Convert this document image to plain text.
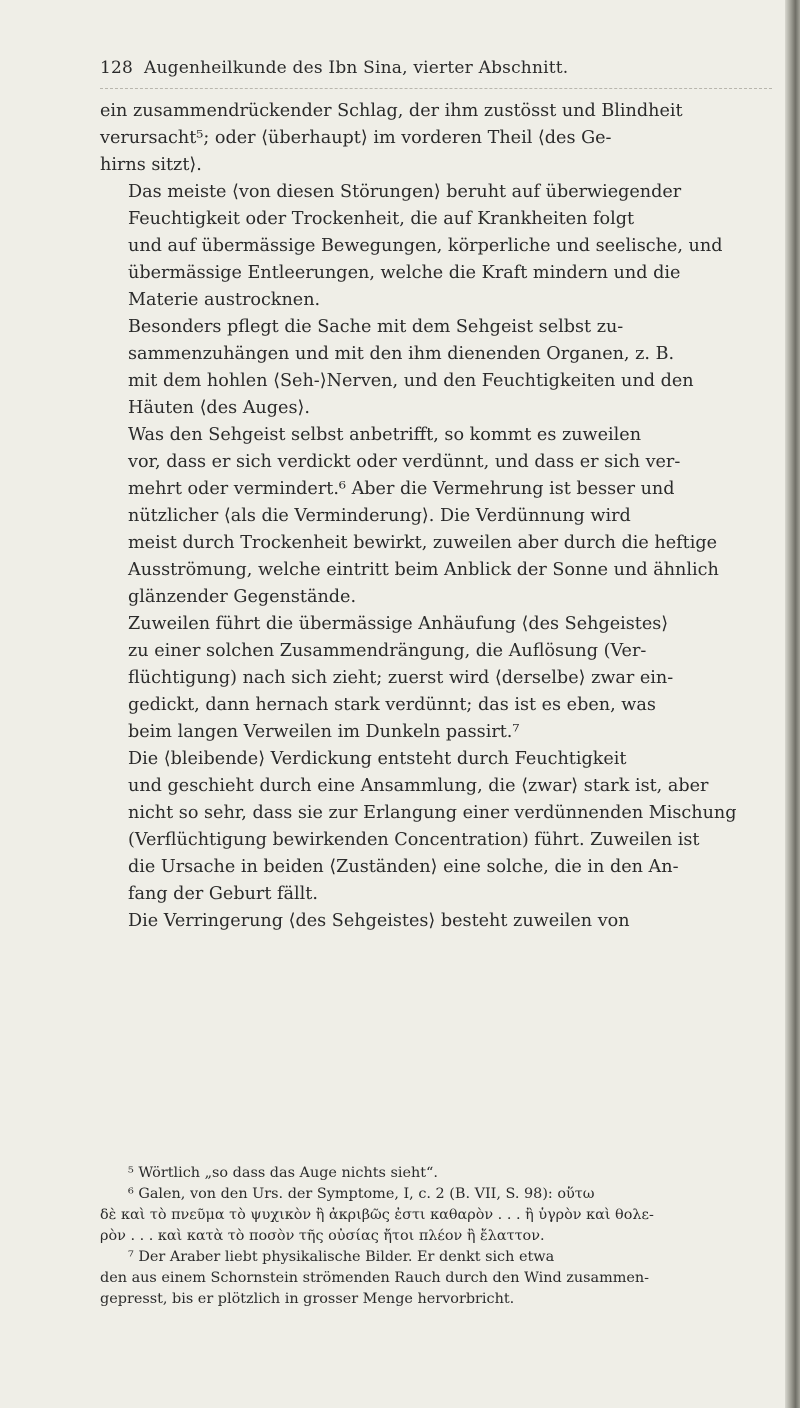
128 Augenheilkunde des Ibn Sina, vierter Abschnitt.

ein zusammendrückender Schlag, der ihm zustösst und Blindheit
verursacht⁵; oder ⟨überhaupt⟩ im vorderen Theil ⟨des Ge-
hirns sitzt⟩.

Das meiste ⟨von diesen Störungen⟩ beruht auf überwiegender
Feuchtigkeit oder Trockenheit, die auf Krankheiten folgt
und auf übermässige Bewegungen, körperliche und seelische, und
übermässige Entleerungen, welche die Kraft mindern und die
Materie austrocknen.

Besonders pflegt die Sache mit dem Sehgeist selbst zu-
sammenzuhängen und mit den ihm dienenden Organen, z. B.
mit dem hohlen ⟨Seh-⟩Nerven, und den Feuchtigkeiten und den
Häuten ⟨des Auges⟩.

Was den Sehgeist selbst anbetrifft, so kommt es zuweilen
vor, dass er sich verdickt oder verdünnt, und dass er sich ver-
mehrt oder vermindert.⁶ Aber die Vermehrung ist besser und
nützlicher ⟨als die Verminderung⟩. Die Verdünnung wird
meist durch Trockenheit bewirkt, zuweilen aber durch die heftige
Ausströmung, welche eintritt beim Anblick der Sonne und ähnlich
glänzender Gegenstände.

Zuweilen führt die übermässige Anhäufung ⟨des Sehgeistes⟩
zu einer solchen Zusammendrängung, die Auflösung (Ver-
flüchtigung) nach sich zieht; zuerst wird ⟨derselbe⟩ zwar ein-
gedickt, dann hernach stark verdünnt; das ist es eben, was
beim langen Verweilen im Dunkeln passirt.⁷

Die ⟨bleibende⟩ Verdickung entsteht durch Feuchtigkeit
und geschieht durch eine Ansammlung, die ⟨zwar⟩ stark ist, aber
nicht so sehr, dass sie zur Erlangung einer verdünnenden Mischung
(Verflüchtigung bewirkenden Concentration) führt. Zuweilen ist
die Ursache in beiden ⟨Zuständen⟩ eine solche, die in den An-
fang der Geburt fällt.

Die Verringerung ⟨des Sehgeistes⟩ besteht zuweilen von

⁵ Wörtlich „so dass das Auge nichts sieht“.

⁶ Galen, von den Urs. der Symptome, I, c. 2 (B. VII, S. 98): οὕτω
δὲ καὶ τὸ πνεῦμα τὸ ψυχικὸν ἢ ἀκριβῶς ἐστι καθαρὸν . . . ἢ ὑγρὸν καὶ θολε-
ρὸν . . . καὶ κατὰ τὸ ποσὸν τῆς οὐσίας ἤτοι πλέον ἢ ἔλαττον.

⁷ Der Araber liebt physikalische Bilder. Er denkt sich etwa
den aus einem Schornstein strömenden Rauch durch den Wind zusammen-
gepresst, bis er plötzlich in grosser Menge hervorbricht.
